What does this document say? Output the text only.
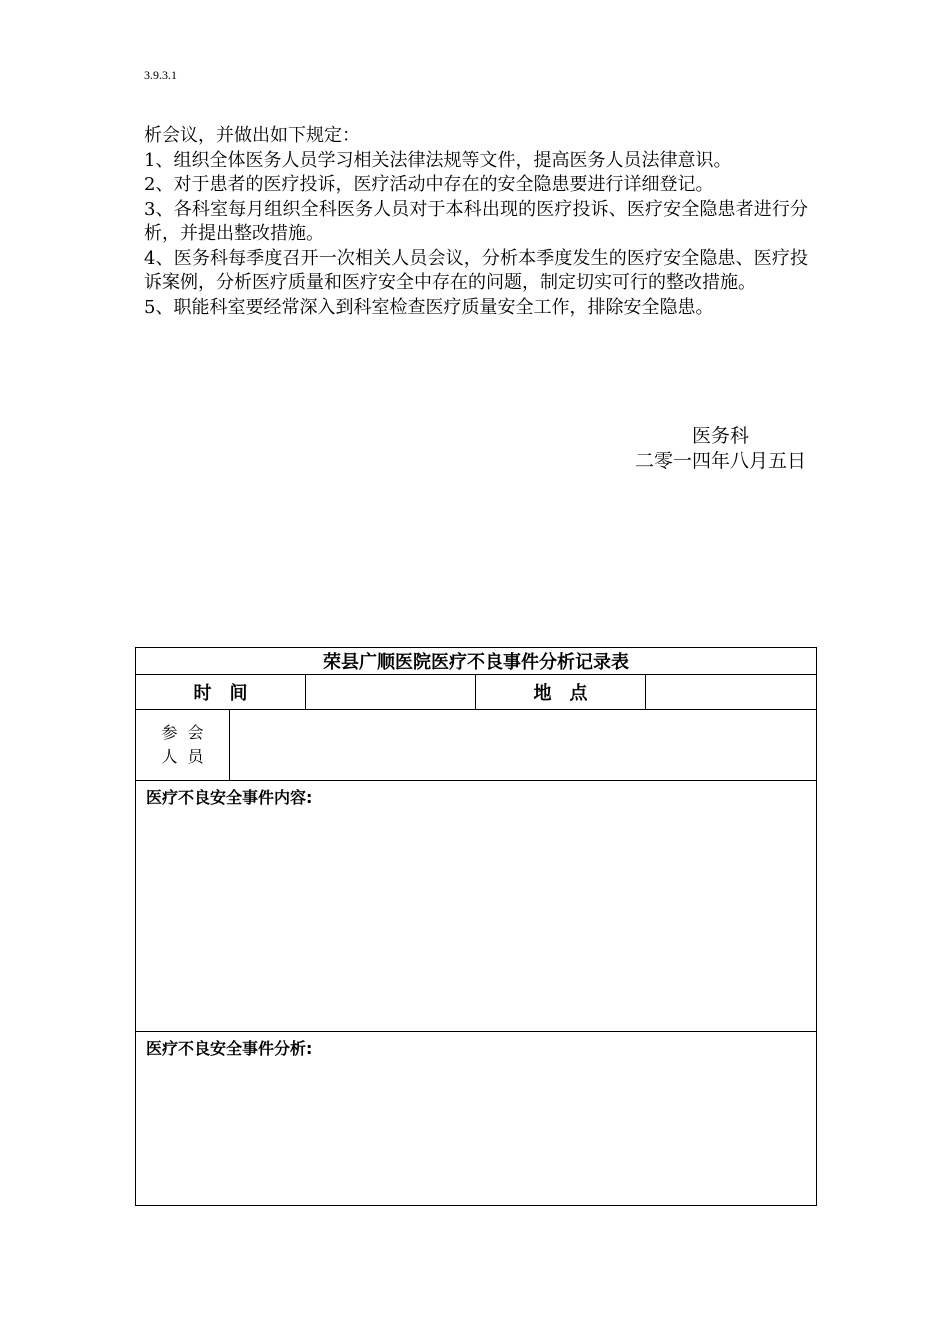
3.9.3.1

析会议，并做出如下规定：

1、组织全体医务人员学习相关法律法规等文件，提高医务人员法律意识。

2、对于患者的医疗投诉，医疗活动中存在的安全隐患要进行详细登记。

3、各科室每月组织全科医务人员对于本科出现的医疗投诉、医疗安全隐患者进行分析，并提出整改措施。

4、医务科每季度召开一次相关人员会议，分析本季度发生的医疗安全隐患、医疗投诉案例，分析医疗质量和医疗安全中存在的问题，制定切实可行的整改措施。

5、职能科室要经常深入到科室检查医疗质量安全工作，排除安全隐患。

医务科
二零一四年八月五日
荣县广顺医院医疗不良事件分析记录表				
时间			地点	

参会
人员				

医疗不良安全事件内容:				
医疗不良安全事件分析:				
